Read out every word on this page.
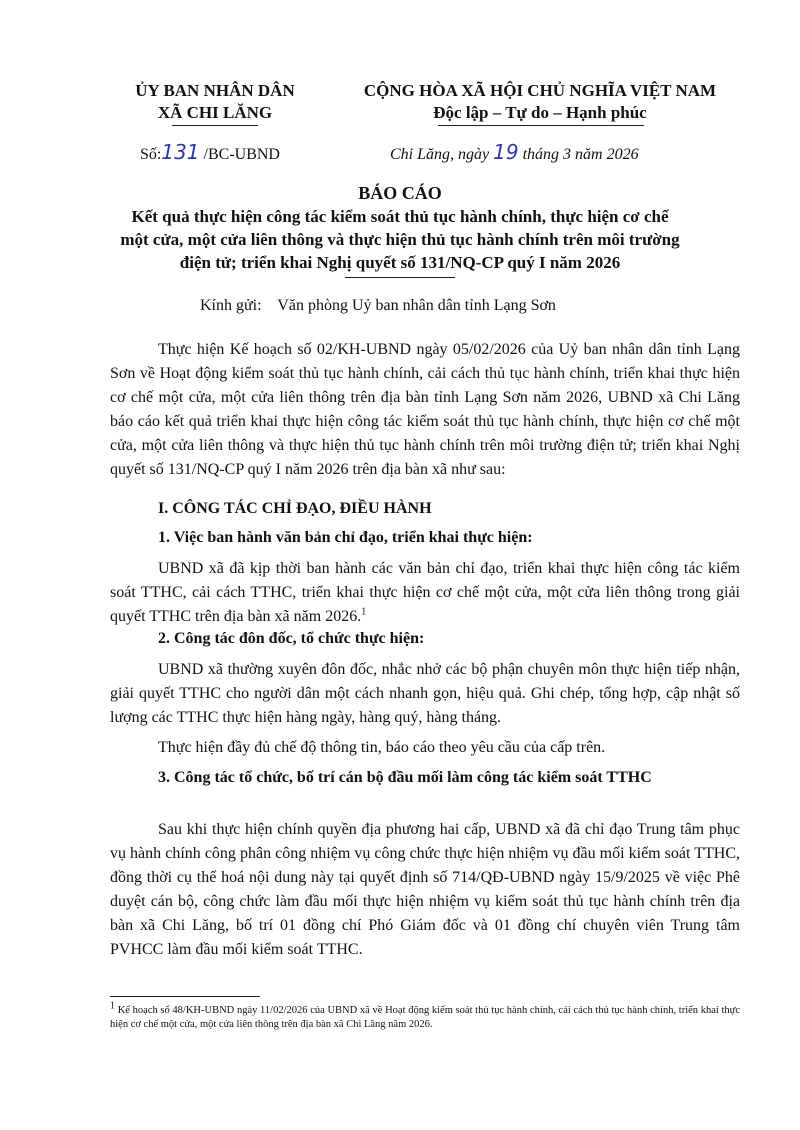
ỦY BAN NHÂN DÂN
XÃ CHI LĂNG
CỘNG HÒA XÃ HỘI CHỦ NGHĨA VIỆT NAM
Độc lập – Tự do – Hạnh phúc
Số:131 /BC-UBND	Chi Lăng, ngày 19 tháng 3 năm 2026
BÁO CÁO
Kết quả thực hiện công tác kiểm soát thủ tục hành chính, thực hiện cơ chế
một cửa, một cửa liên thông và thực hiện thủ tục hành chính trên môi trường
điện tử; triển khai Nghị quyết số 131/NQ-CP quý I năm 2026
Kính gửi: Văn phòng Uỷ ban nhân dân tỉnh Lạng Sơn
Thực hiện Kế hoạch số 02/KH-UBND ngày 05/02/2026 của Uỷ ban nhân dân tỉnh Lạng Sơn về Hoạt động kiểm soát thủ tục hành chính, cải cách thủ tục hành chính, triển khai thực hiện cơ chế một cửa, một cửa liên thông trên địa bàn tỉnh Lạng Sơn năm 2026, UBND xã Chi Lăng báo cáo kết quả triển khai thực hiện công tác kiểm soát thủ tục hành chính, thực hiện cơ chế một cửa, một cửa liên thông và thực hiện thủ tục hành chính trên môi trường điện tử; triển khai Nghị quyết số 131/NQ-CP quý I năm 2026 trên địa bàn xã như sau:
I. CÔNG TÁC CHỈ ĐẠO, ĐIỀU HÀNH
1. Việc ban hành văn bản chỉ đạo, triển khai thực hiện:
UBND xã đã kịp thời ban hành các văn bản chỉ đạo, triển khai thực hiện công tác kiểm soát TTHC, cải cách TTHC, triển khai thực hiện cơ chế một cửa, một cửa liên thông trong giải quyết TTHC trên địa bàn xã năm 2026.$^1$
2. Công tác đôn đốc, tổ chức thực hiện:
UBND xã thường xuyên đôn đốc, nhắc nhở các bộ phận chuyên môn thực hiện tiếp nhận, giải quyết TTHC cho người dân một cách nhanh gọn, hiệu quả. Ghi chép, tổng hợp, cập nhật số lượng các TTHC thực hiện hàng ngày, hàng quý, hàng tháng.
Thực hiện đầy đủ chế độ thông tin, báo cáo theo yêu cầu của cấp trên.
3. Công tác tổ chức, bố trí cán bộ đầu mối làm công tác kiểm soát TTHC
Sau khi thực hiện chính quyền địa phương hai cấp, UBND xã đã chỉ đạo Trung tâm phục vụ hành chính công phân công nhiệm vụ công chức thực hiện nhiệm vụ đầu mối kiểm soát TTHC, đồng thời cụ thể hoá nội dung này tại quyết định số 714/QĐ-UBND ngày 15/9/2025 về việc Phê duyệt cán bộ, công chức làm đầu mối thực hiện nhiệm vụ kiểm soát thủ tục hành chính trên địa bàn xã Chi Lăng, bố trí 01 đồng chí Phó Giám đốc và 01 đồng chí chuyên viên Trung tâm PVHCC làm đầu mối kiểm soát TTHC.
$^1$ Kế hoạch số 48/KH-UBND ngày 11/02/2026 của UBND xã về Hoạt động kiểm soát thủ tục hành chính, cải cách thủ tục hành chính, triển khai thực hiện cơ chế một cửa, một cửa liên thông trên địa bàn xã Chi Lăng năm 2026.
